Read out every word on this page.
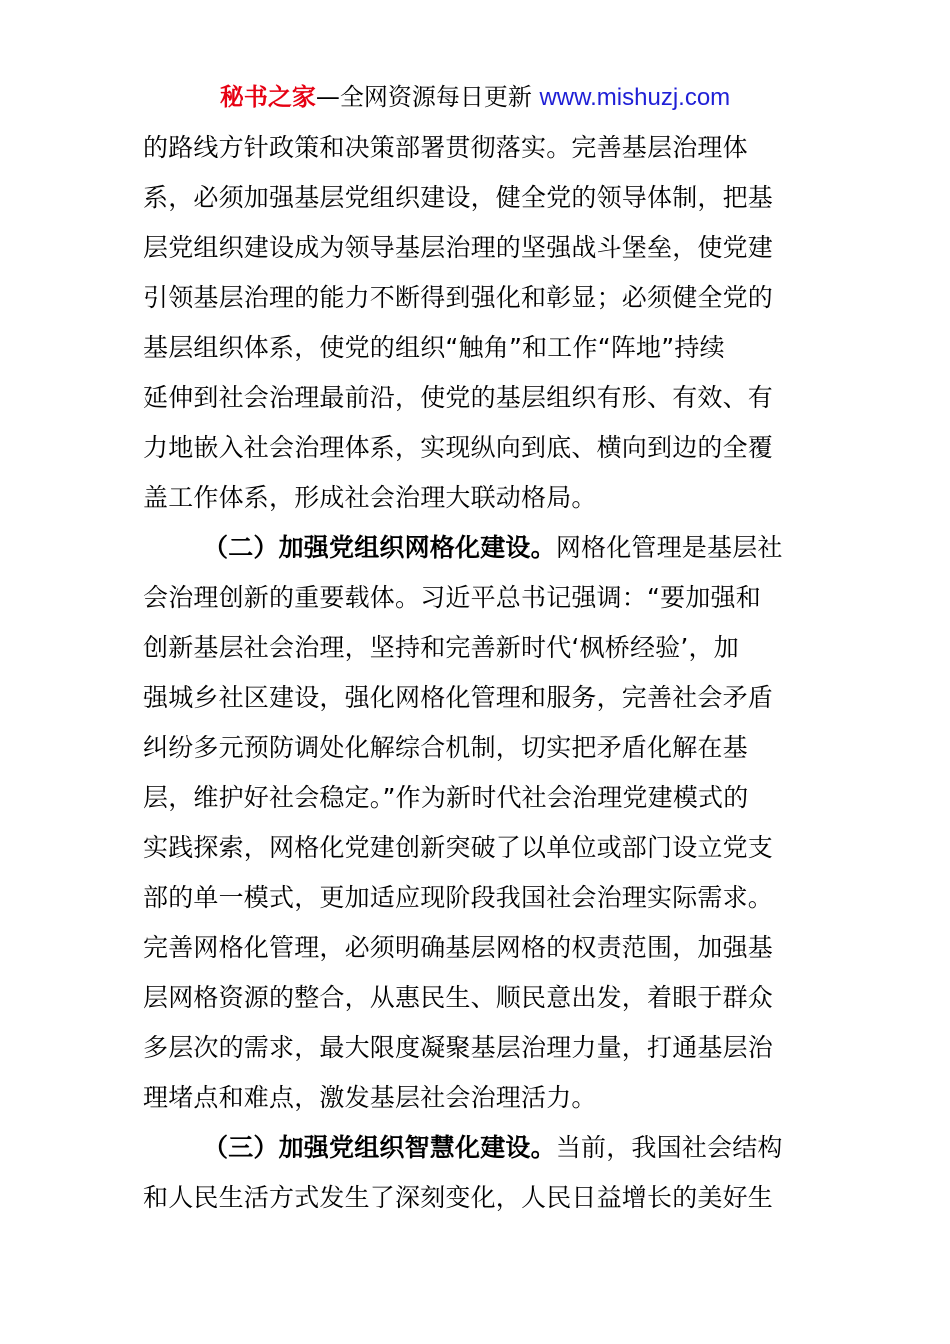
秘书之家—全网资源每日更新 www.mishuzj.com
的路线方针政策和决策部署贯彻落实。完善基层治理体
系，必须加强基层党组织建设，健全党的领导体制，把基
层党组织建设成为领导基层治理的坚强战斗堡垒，使党建
引领基层治理的能力不断得到强化和彰显；必须健全党的
基层组织体系，使党的组织“触角”和工作“阵地”持续
延伸到社会治理最前沿，使党的基层组织有形、有效、有
力地嵌入社会治理体系，实现纵向到底、横向到边的全覆
盖工作体系，形成社会治理大联动格局。
（二）加强党组织网格化建设。网格化管理是基层社
会治理创新的重要载体。习近平总书记强调：“要加强和
创新基层社会治理，坚持和完善新时代‘枫桥经验’，加
强城乡社区建设，强化网格化管理和服务，完善社会矛盾
纠纷多元预防调处化解综合机制，切实把矛盾化解在基
层，维护好社会稳定。”作为新时代社会治理党建模式的
实践探索，网格化党建创新突破了以单位或部门设立党支
部的单一模式，更加适应现阶段我国社会治理实际需求。
完善网格化管理，必须明确基层网格的权责范围，加强基
层网格资源的整合，从惠民生、顺民意出发，着眼于群众
多层次的需求，最大限度凝聚基层治理力量，打通基层治
理堵点和难点，激发基层社会治理活力。
（三）加强党组织智慧化建设。当前，我国社会结构
和人民生活方式发生了深刻变化，人民日益增长的美好生
